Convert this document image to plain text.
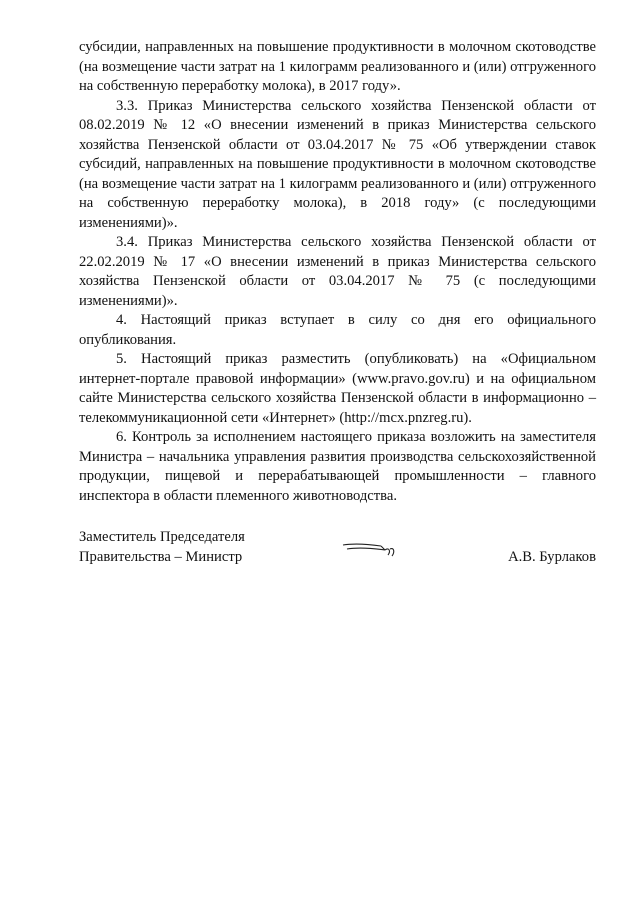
субсидии, направленных на повышение продуктивности в молочном скотоводстве (на возмещение части затрат на 1 килограмм реализованного и (или) отгруженного на собственную переработку молока), в 2017 году».

3.3. Приказ Министерства сельского хозяйства Пензенской области от 08.02.2019 № 12 «О внесении изменений в приказ Министерства сельского хозяйства Пензенской области от 03.04.2017 № 75 «Об утверждении ставок субсидий, направленных на повышение продуктивности в молочном скотоводстве (на возмещение части затрат на 1 килограмм реализованного и (или) отгруженного на собственную переработку молока), в 2018 году» (с последующими изменениями)».

3.4. Приказ Министерства сельского хозяйства Пензенской области от 22.02.2019 № 17 «О внесении изменений в приказ Министерства сельского хозяйства Пензенской области от 03.04.2017 № 75 (с последующими изменениями)».

4. Настоящий приказ вступает в силу со дня его официального опубликования.

5. Настоящий приказ разместить (опубликовать) на «Официальном интернет-портале правовой информации» (www.pravo.gov.ru) и на официальном сайте Министерства сельского хозяйства Пензенской области в информационно – телекоммуникационной сети «Интернет» (http://mcx.pnzreg.ru).

6. Контроль за исполнением настоящего приказа возложить на заместителя Министра – начальника управления развития производства сельскохозяйственной продукции, пищевой и перерабатывающей промышленности – главного инспектора в области племенного животноводства.

Заместитель Председателя
Правительства – Министр	А.В. Бурлаков
